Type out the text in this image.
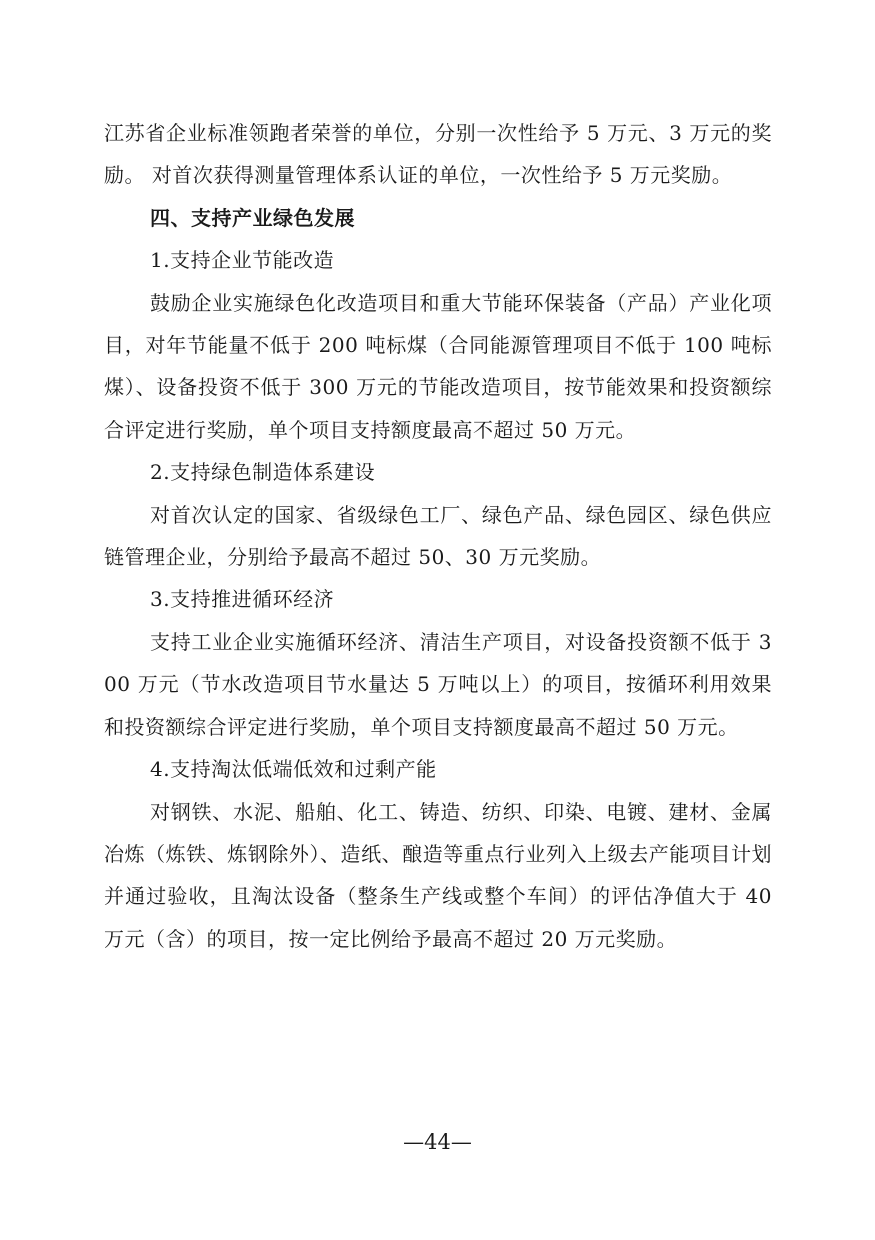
江苏省企业标准领跑者荣誉的单位，分别一次性给予 5 万元、3 万元的奖励。 对首次获得测量管理体系认证的单位，一次性给予 5 万元奖励。

四、支持产业绿色发展

1.支持企业节能改造

鼓励企业实施绿色化改造项目和重大节能环保装备（产品）产业化项目，对年节能量不低于 200 吨标煤（合同能源管理项目不低于 100 吨标煤）、设备投资不低于 300 万元的节能改造项目，按节能效果和投资额综合评定进行奖励，单个项目支持额度最高不超过 50 万元。

2.支持绿色制造体系建设

对首次认定的国家、省级绿色工厂、绿色产品、绿色园区、绿色供应链管理企业，分别给予最高不超过 50、30 万元奖励。

3.支持推进循环经济

支持工业企业实施循环经济、清洁生产项目，对设备投资额不低于 300 万元（节水改造项目节水量达 5 万吨以上）的项目，按循环利用效果和投资额综合评定进行奖励，单个项目支持额度最高不超过 50 万元。

4.支持淘汰低端低效和过剩产能

对钢铁、水泥、船舶、化工、铸造、纺织、印染、电镀、建材、金属冶炼（炼铁、炼钢除外）、造纸、酿造等重点行业列入上级去产能项目计划并通过验收，且淘汰设备（整条生产线或整个车间）的评估净值大于 40 万元（含）的项目，按一定比例给予最高不超过 20 万元奖励。

—44—
